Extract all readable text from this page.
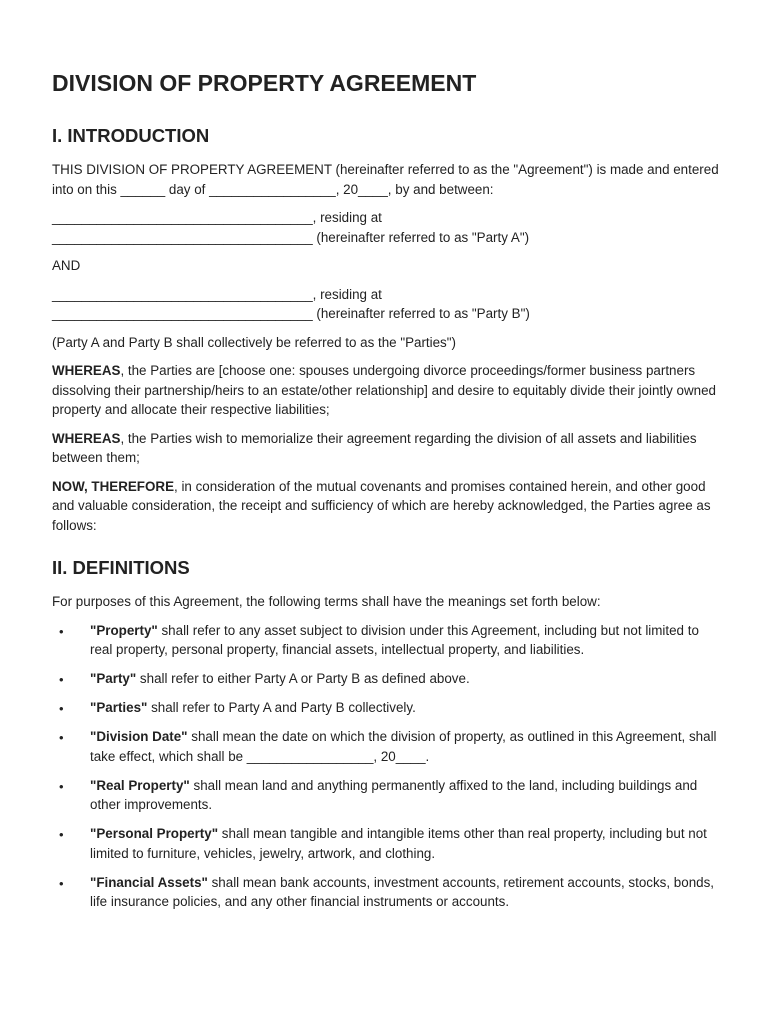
DIVISION OF PROPERTY AGREEMENT
I. INTRODUCTION

THIS DIVISION OF PROPERTY AGREEMENT (hereinafter referred to as the "Agreement") is made and entered into on this ______ day of _________________, 20____, by and between:

___________________________________, residing at
___________________________________ (hereinafter referred to as "Party A")

AND

___________________________________, residing at
___________________________________ (hereinafter referred to as "Party B")

(Party A and Party B shall collectively be referred to as the "Parties")

WHEREAS, the Parties are [choose one: spouses undergoing divorce proceedings/former business partners dissolving their partnership/heirs to an estate/other relationship] and desire to equitably divide their jointly owned property and allocate their respective liabilities;

WHEREAS, the Parties wish to memorialize their agreement regarding the division of all assets and liabilities between them;

NOW, THEREFORE, in consideration of the mutual covenants and promises contained herein, and other good and valuable consideration, the receipt and sufficiency of which are hereby acknowledged, the Parties agree as follows:

II. DEFINITIONS

For purposes of this Agreement, the following terms shall have the meanings set forth below:

• "Property" shall refer to any asset subject to division under this Agreement, including but not limited to real property, personal property, financial assets, intellectual property, and liabilities.
• "Party" shall refer to either Party A or Party B as defined above.
• "Parties" shall refer to Party A and Party B collectively.
• "Division Date" shall mean the date on which the division of property, as outlined in this Agreement, shall take effect, which shall be _________________, 20____.
• "Real Property" shall mean land and anything permanently affixed to the land, including buildings and other improvements.
• "Personal Property" shall mean tangible and intangible items other than real property, including but not limited to furniture, vehicles, jewelry, artwork, and clothing.
• "Financial Assets" shall mean bank accounts, investment accounts, retirement accounts, stocks, bonds, life insurance policies, and any other financial instruments or accounts.
